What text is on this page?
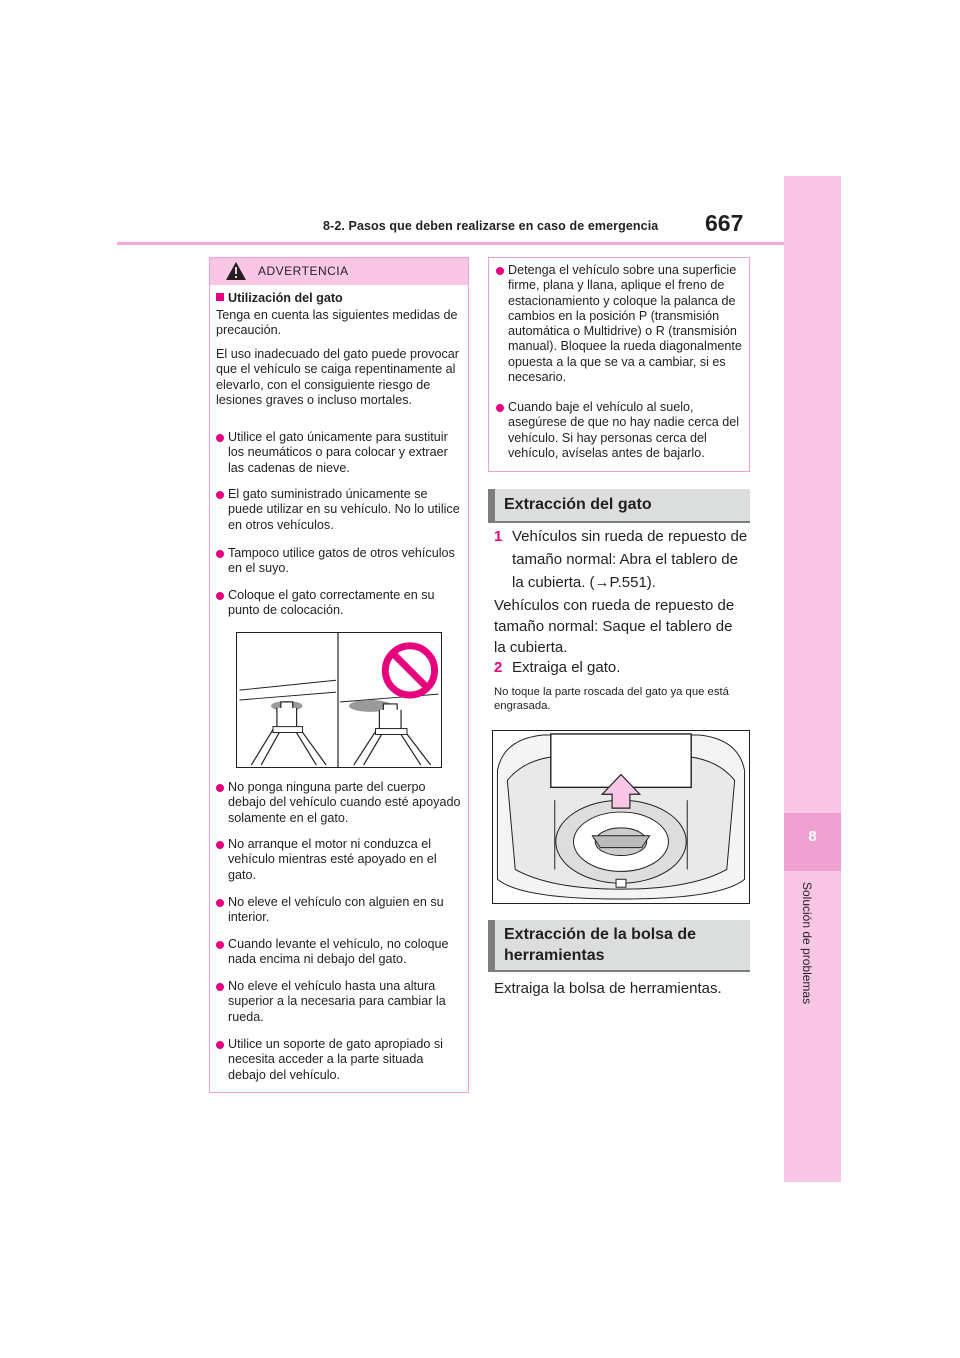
8-2. Pasos que deben realizarse en caso de emergencia 667
8
Solución de problemas
ADVERTENCIA
Utilización del gato
Tenga en cuenta las siguientes medidas de precaución.
El uso inadecuado del gato puede provocar que el vehículo se caiga repentinamente al elevarlo, con el consiguiente riesgo de lesiones graves o incluso mortales.
Utilice el gato únicamente para sustituir los neumáticos o para colocar y extraer las cadenas de nieve.
El gato suministrado únicamente se puede utilizar en su vehículo. No lo utilice en otros vehículos.
Tampoco utilice gatos de otros vehículos en el suyo.
Coloque el gato correctamente en su punto de colocación.
No ponga ninguna parte del cuerpo debajo del vehículo cuando esté apoyado solamente en el gato.
No arranque el motor ni conduzca el vehículo mientras esté apoyado en el gato.
No eleve el vehículo con alguien en su interior.
Cuando levante el vehículo, no coloque nada encima ni debajo del gato.
No eleve el vehículo hasta una altura superior a la necesaria para cambiar la rueda.
Utilice un soporte de gato apropiado si necesita acceder a la parte situada debajo del vehículo.
Detenga el vehículo sobre una superficie firme, plana y llana, aplique el freno de estacionamiento y coloque la palanca de cambios en la posición P (transmisión automática o Multidrive) o R (transmisión manual). Bloquee la rueda diagonalmente opuesta a la que se va a cambiar, si es necesario.
Cuando baje el vehículo al suelo, asegúrese de que no hay nadie cerca del vehículo. Si hay personas cerca del vehículo, avíselas antes de bajarlo.
Extracción del gato
1 Vehículos sin rueda de repuesto de tamaño normal: Abra el tablero de la cubierta. (→P.551).
Vehículos con rueda de repuesto de tamaño normal: Saque el tablero de la cubierta.
2 Extraiga el gato.
No toque la parte roscada del gato ya que está engrasada.
Extracción de la bolsa de herramientas
Extraiga la bolsa de herramientas.
